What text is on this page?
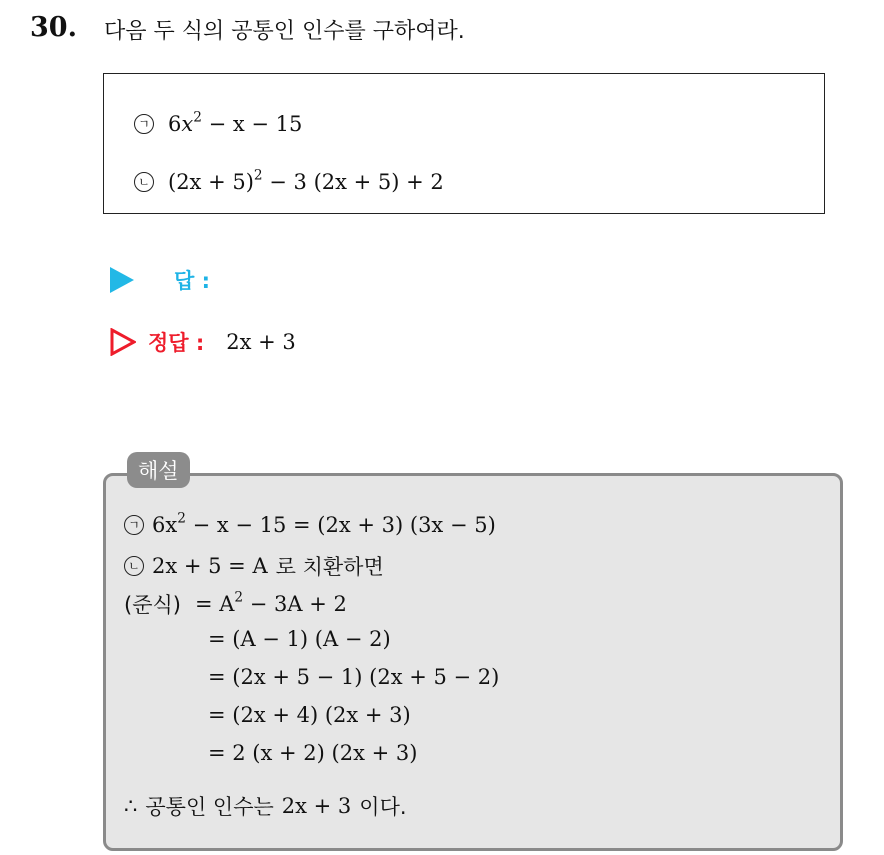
30. 다음 두 식의 공통인 인수를 구하여라.
ㄱ $6x^2 - x - 15$
ㄴ $(2x + 5)^2 - 3$ (2x + 5) + 2
답 :
정답 : 2x + 3
해설
ㄱ $6x^2 - x - 15 = (2x + 3) (3x - 5)$
ㄴ 2x + 5 = A 로 치환하면
(준식) = $A^2 - 3A + 2$
= (A − 1) (A − 2)
= (2x + 5 − 1) (2x + 5 − 2)
= (2x + 4) (2x + 3)
= 2 (x + 2) (2x + 3)
∴ 공통인 인수는 2x + 3 이다.
